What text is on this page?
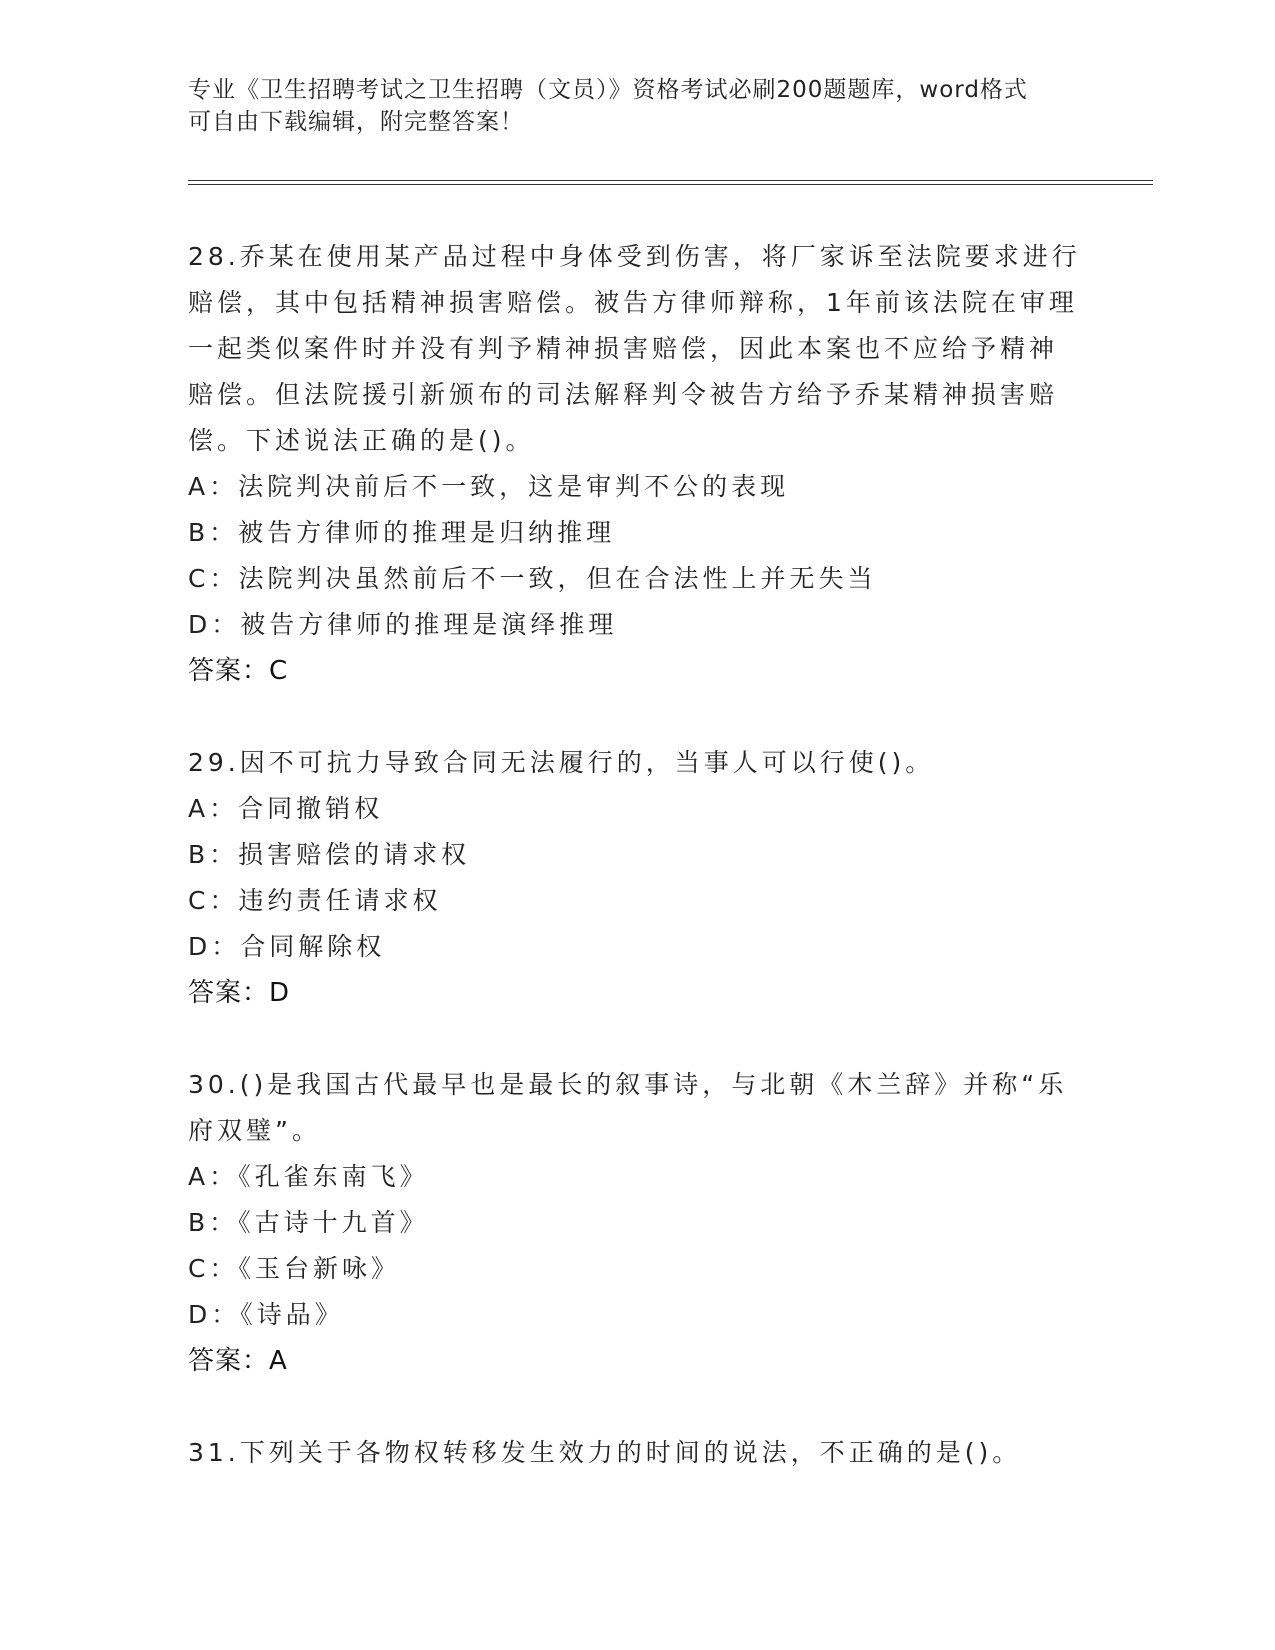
专业《卫生招聘考试之卫生招聘（文员）》资格考试必刷200题题库，word格式
可自由下载编辑，附完整答案！
28.乔某在使用某产品过程中身体受到伤害，将厂家诉至法院要求进行
赔偿，其中包括精神损害赔偿。被告方律师辩称，1年前该法院在审理
一起类似案件时并没有判予精神损害赔偿，因此本案也不应给予精神
赔偿。但法院援引新颁布的司法解释判令被告方给予乔某精神损害赔
偿。下述说法正确的是()。
A：法院判决前后不一致，这是审判不公的表现
B：被告方律师的推理是归纳推理
C：法院判决虽然前后不一致，但在合法性上并无失当
D：被告方律师的推理是演绎推理
答案：C
29.因不可抗力导致合同无法履行的，当事人可以行使()。
A：合同撤销权
B：损害赔偿的请求权
C：违约责任请求权
D：合同解除权
答案：D
30.()是我国古代最早也是最长的叙事诗，与北朝《木兰辞》并称“乐
府双璧”。
A：《孔雀东南飞》
B：《古诗十九首》
C：《玉台新咏》
D：《诗品》
答案：A
31.下列关于各物权转移发生效力的时间的说法，不正确的是()。
